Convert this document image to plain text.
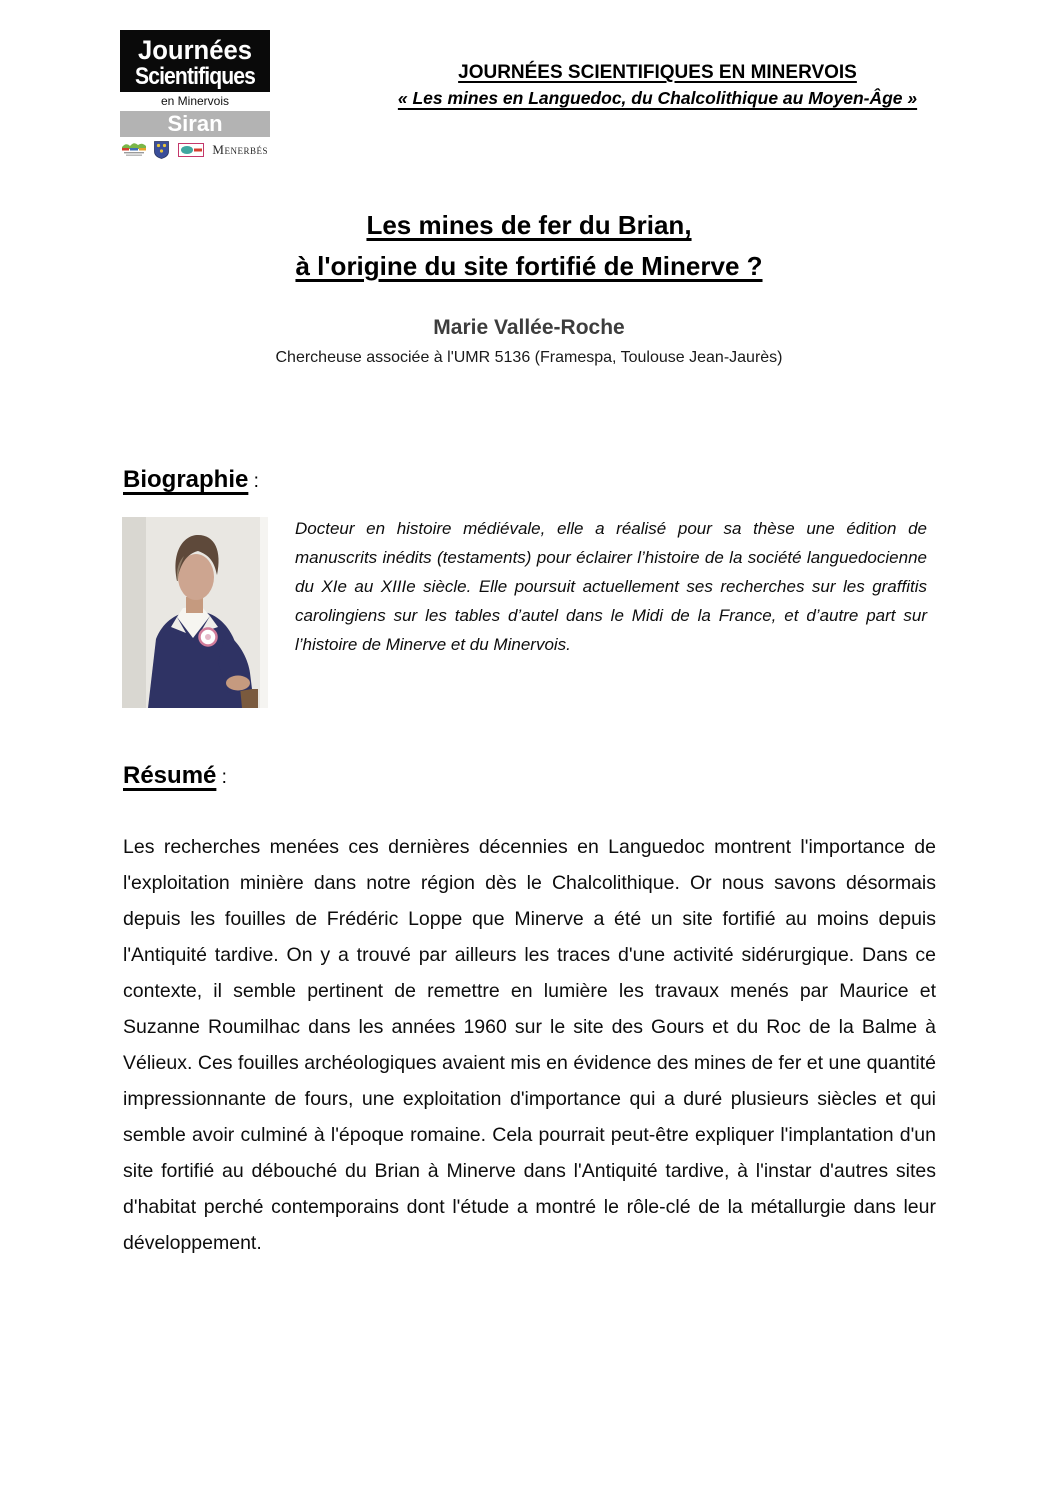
Journées
Scientifiques
en Minervois
Siran
Menerbés
JOURNÉES SCIENTIFIQUES EN MINERVOIS
« Les mines en Languedoc, du Chalcolithique au Moyen-Âge »
Les mines de fer du Brian,
à l'origine du site fortifié de Minerve ?
Marie Vallée-Roche
Chercheuse associée à l'UMR 5136 (Framespa, Toulouse Jean-Jaurès)
Biographie :
Docteur en histoire médiévale, elle a réalisé pour sa thèse une édition de manuscrits inédits (testaments) pour éclairer l’histoire de la société languedocienne du XIe au XIIIe siècle. Elle poursuit actuellement ses recherches sur les graffitis carolingiens sur les tables d’autel dans le Midi de la France, et d’autre part sur l’histoire de Minerve et du Minervois.
Résumé :
Les recherches menées ces dernières décennies en Languedoc montrent l'importance de l'exploitation minière dans notre région dès le Chalcolithique. Or nous savons désormais depuis les fouilles de Frédéric Loppe que Minerve a été un site fortifié au moins depuis l'Antiquité tardive. On y a trouvé par ailleurs les traces d'une activité sidérurgique. Dans ce contexte, il semble pertinent de remettre en lumière les travaux menés par Maurice et Suzanne Roumilhac dans les années 1960 sur le site des Gours et du Roc de la Balme à Vélieux. Ces fouilles archéologiques avaient mis en évidence des mines de fer et une quantité impressionnante de fours, une exploitation d'importance qui a duré plusieurs siècles et qui semble avoir culminé à l'époque romaine. Cela pourrait peut-être expliquer l'implantation d'un site fortifié au débouché du Brian à Minerve dans l'Antiquité tardive, à l'instar d'autres sites d'habitat perché contemporains dont l'étude a montré le rôle-clé de la métallurgie dans leur développement.
